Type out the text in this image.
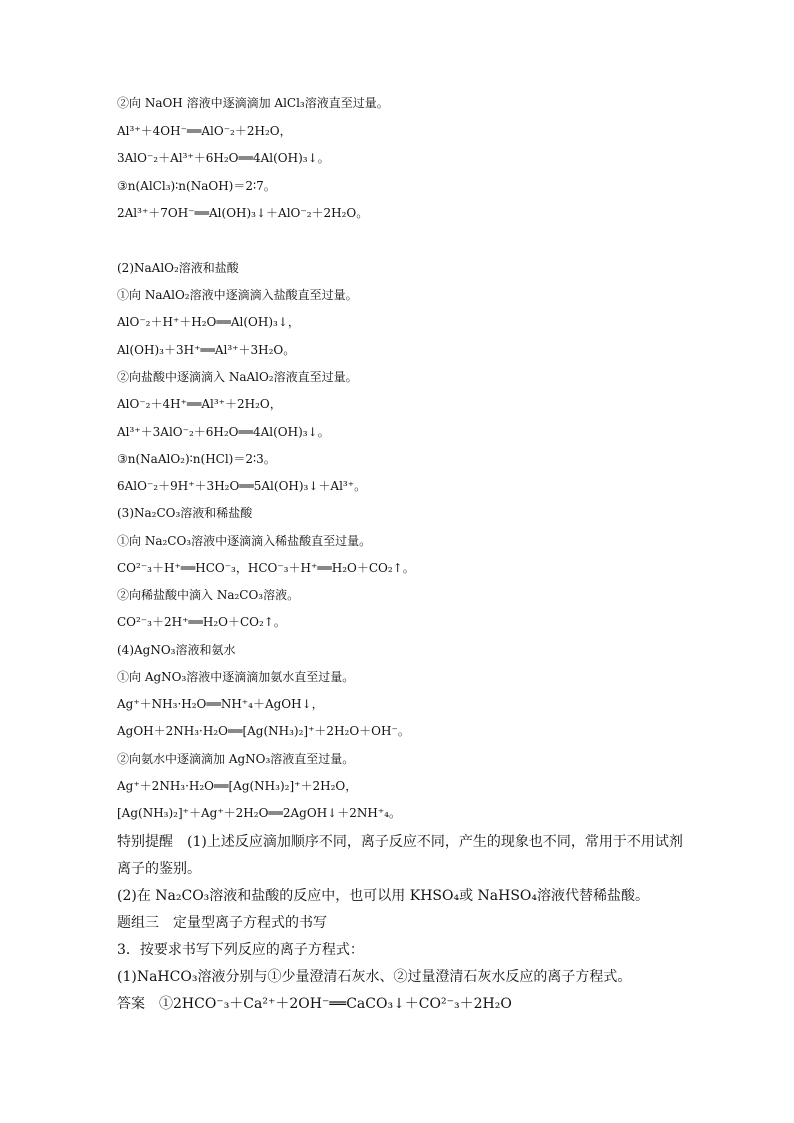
②向 NaOH 溶液中逐滴滴加 AlCl₃溶液直至过量。
Al³⁺＋4OH⁻══AlO⁻₂＋2H₂O，
3AlO⁻₂＋Al³⁺＋6H₂O══4Al(OH)₃↓。
③n(AlCl₃)∶n(NaOH)＝2∶7。
2Al³⁺＋7OH⁻══Al(OH)₃↓＋AlO⁻₂＋2H₂O。
(2)NaAlO₂溶液和盐酸
①向 NaAlO₂溶液中逐滴滴入盐酸直至过量。
AlO⁻₂＋H⁺＋H₂O══Al(OH)₃↓，
Al(OH)₃＋3H⁺══Al³⁺＋3H₂O。
②向盐酸中逐滴滴入 NaAlO₂溶液直至过量。
AlO⁻₂＋4H⁺══Al³⁺＋2H₂O，
Al³⁺＋3AlO⁻₂＋6H₂O══4Al(OH)₃↓。
③n(NaAlO₂)∶n(HCl)＝2∶3。
6AlO⁻₂＋9H⁺＋3H₂O══5Al(OH)₃↓＋Al³⁺。
(3)Na₂CO₃溶液和稀盐酸
①向 Na₂CO₃溶液中逐滴滴入稀盐酸直至过量。
CO²⁻₃＋H⁺══HCO⁻₃，HCO⁻₃＋H⁺══H₂O＋CO₂↑。
②向稀盐酸中滴入 Na₂CO₃溶液。
CO²⁻₃＋2H⁺══H₂O＋CO₂↑。
(4)AgNO₃溶液和氨水
①向 AgNO₃溶液中逐滴滴加氨水直至过量。
Ag⁺＋NH₃·H₂O══NH⁺₄＋AgOH↓，
AgOH＋2NH₃·H₂O══[Ag(NH₃)₂]⁺＋2H₂O＋OH⁻。
②向氨水中逐滴滴加 AgNO₃溶液直至过量。
Ag⁺＋2NH₃·H₂O══[Ag(NH₃)₂]⁺＋2H₂O，
[Ag(NH₃)₂]⁺＋Ag⁺＋2H₂O══2AgOH↓＋2NH⁺₄。
特别提醒　(1)上述反应滴加顺序不同，离子反应不同，产生的现象也不同，常用于不用试剂
离子的鉴别。
(2)在 Na₂CO₃溶液和盐酸的反应中，也可以用 KHSO₄或 NaHSO₄溶液代替稀盐酸。
题组三　定量型离子方程式的书写
3．按要求书写下列反应的离子方程式：
(1)NaHCO₃溶液分别与①少量澄清石灰水、②过量澄清石灰水反应的离子方程式。
答案　①2HCO⁻₃＋Ca²⁺＋2OH⁻══CaCO₃↓＋CO²⁻₃＋2H₂O
